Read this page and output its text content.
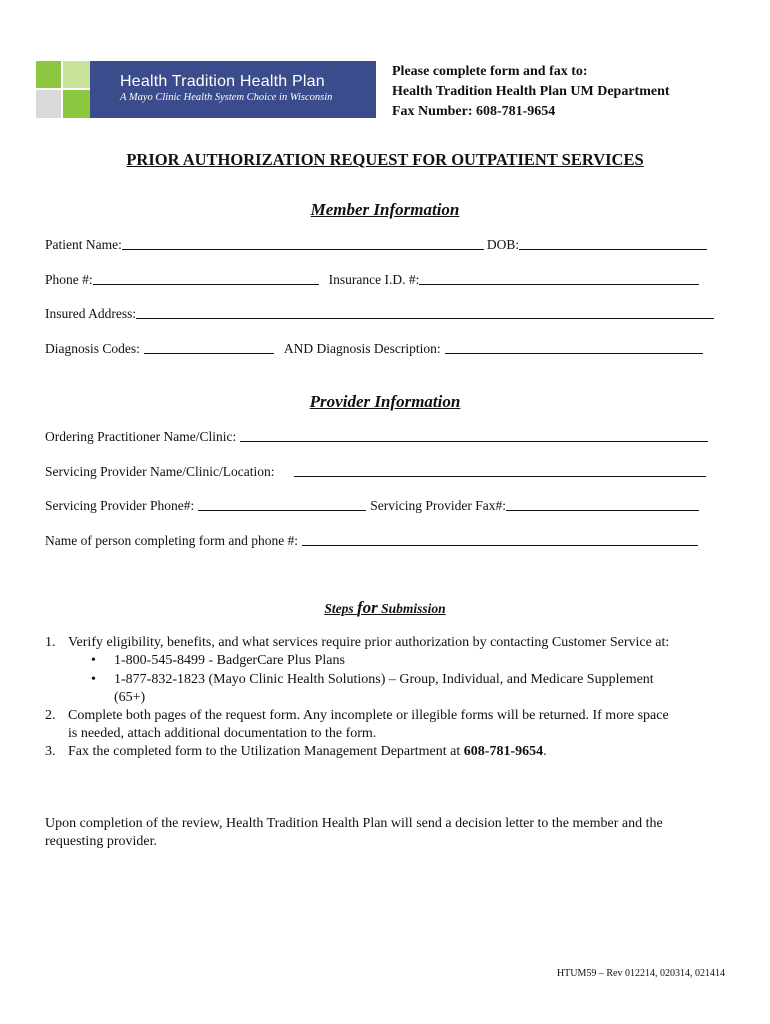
Health Tradition Health Plan
A Mayo Clinic Health System Choice in Wisconsin
Please complete form and fax to:
Health Tradition Health Plan UM Department
Fax Number: 608-781-9654
PRIOR AUTHORIZATION REQUEST FOR OUTPATIENT SERVICES
Member Information
Patient Name:	DOB:
Phone #:	Insurance I.D. #:
Insured Address:
Diagnosis Codes:	AND Diagnosis Description:
Provider Information
Ordering Practitioner Name/Clinic:
Servicing Provider Name/Clinic/Location:
Servicing Provider Phone#:	Servicing Provider Fax#:
Name of person completing form and phone #:
Steps for Submission
1. Verify eligibility, benefits, and what services require prior authorization by contacting Customer Service at:
• 1-800-545-8499 - BadgerCare Plus Plans
• 1-877-832-1823 (Mayo Clinic Health Solutions) – Group, Individual, and Medicare Supplement
(65+)
2. Complete both pages of the request form. Any incomplete or illegible forms will be returned. If more space
is needed, attach additional documentation to the form.
3. Fax the completed form to the Utilization Management Department at 608-781-9654.
Upon completion of the review, Health Tradition Health Plan will send a decision letter to the member and the
requesting provider.
HTUM59 – Rev 012214, 020314, 021414
